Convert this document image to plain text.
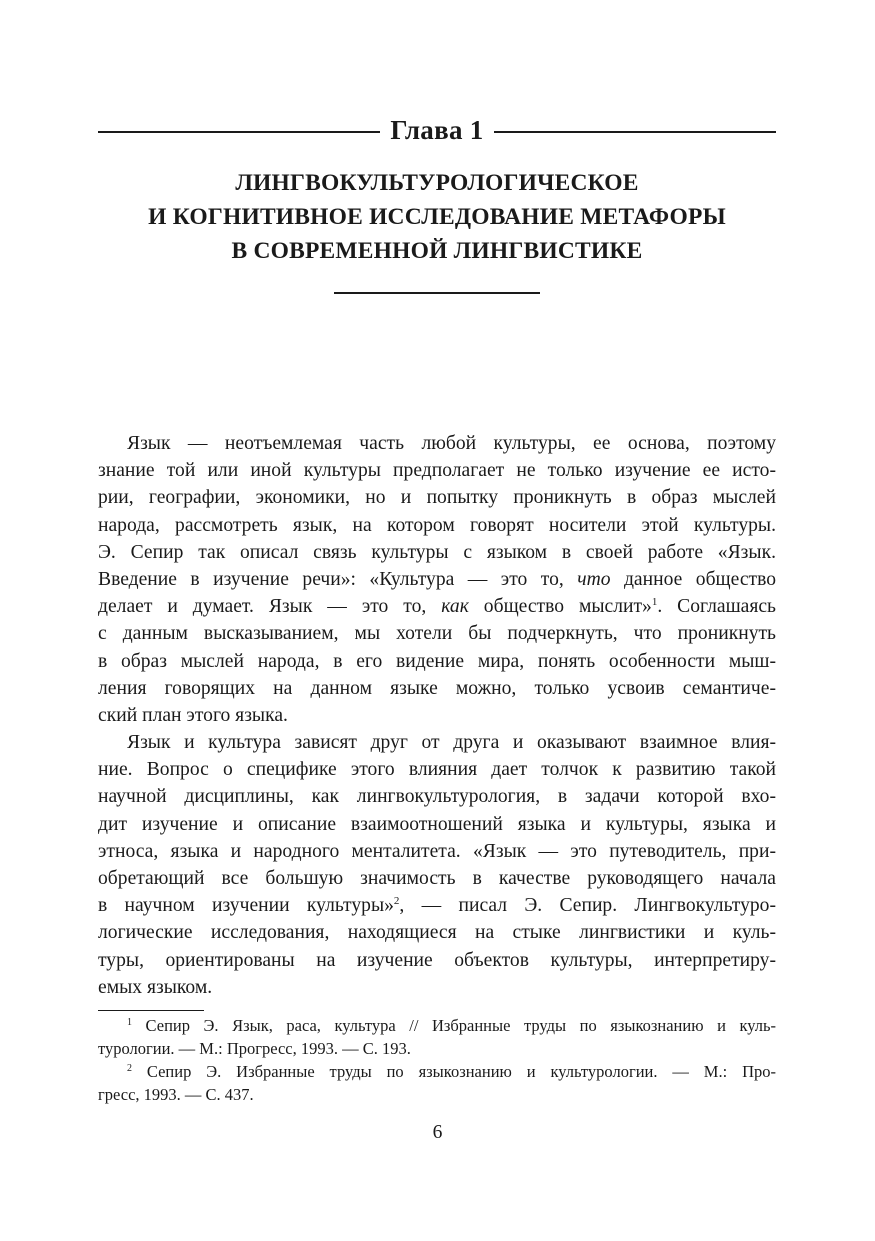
Глава 1
ЛИНГВОКУЛЬТУРОЛОГИЧЕСКОЕ
И КОГНИТИВНОЕ ИССЛЕДОВАНИЕ МЕТАФОРЫ
В СОВРЕМЕННОЙ ЛИНГВИСТИКЕ
Язык — неотъемлемая часть любой культуры, ее основа, поэтому
знание той или иной культуры предполагает не только изучение ее исто-
рии, географии, экономики, но и попытку проникнуть в образ мыслей
народа, рассмотреть язык, на котором говорят носители этой культуры.
Э. Сепир так описал связь культуры с языком в своей работе «Язык.
Введение в изучение речи»: «Культура — это то, что данное общество
делает и думает. Язык — это то, как общество мыслит»$^1$. Соглашаясь
с данным высказыванием, мы хотели бы подчеркнуть, что проникнуть
в образ мыслей народа, в его видение мира, понять особенности мыш-
ления говорящих на данном языке можно, только усвоив семантиче-
ский план этого языка.
Язык и культура зависят друг от друга и оказывают взаимное влия-
ние. Вопрос о специфике этого влияния дает толчок к развитию такой
научной дисциплины, как лингвокультурология, в задачи которой вхо-
дит изучение и описание взаимоотношений языка и культуры, языка и
этноса, языка и народного менталитета. «Язык — это путеводитель, при-
обретающий все большую значимость в качестве руководящего начала
в научном изучении культуры»$^2$, — писал Э. Сепир. Лингвокультуро-
логические исследования, находящиеся на стыке лингвистики и куль-
туры, ориентированы на изучение объектов культуры, интерпретиру-
емых языком.
$^1$ Сепир Э. Язык, раса, культура // Избранные труды по языкознанию и куль-
турологии. — М.: Прогресс, 1993. — С. 193.
$^2$ Сепир Э. Избранные труды по языкознанию и культурологии. — М.: Про-
гресс, 1993. — С. 437.
6
